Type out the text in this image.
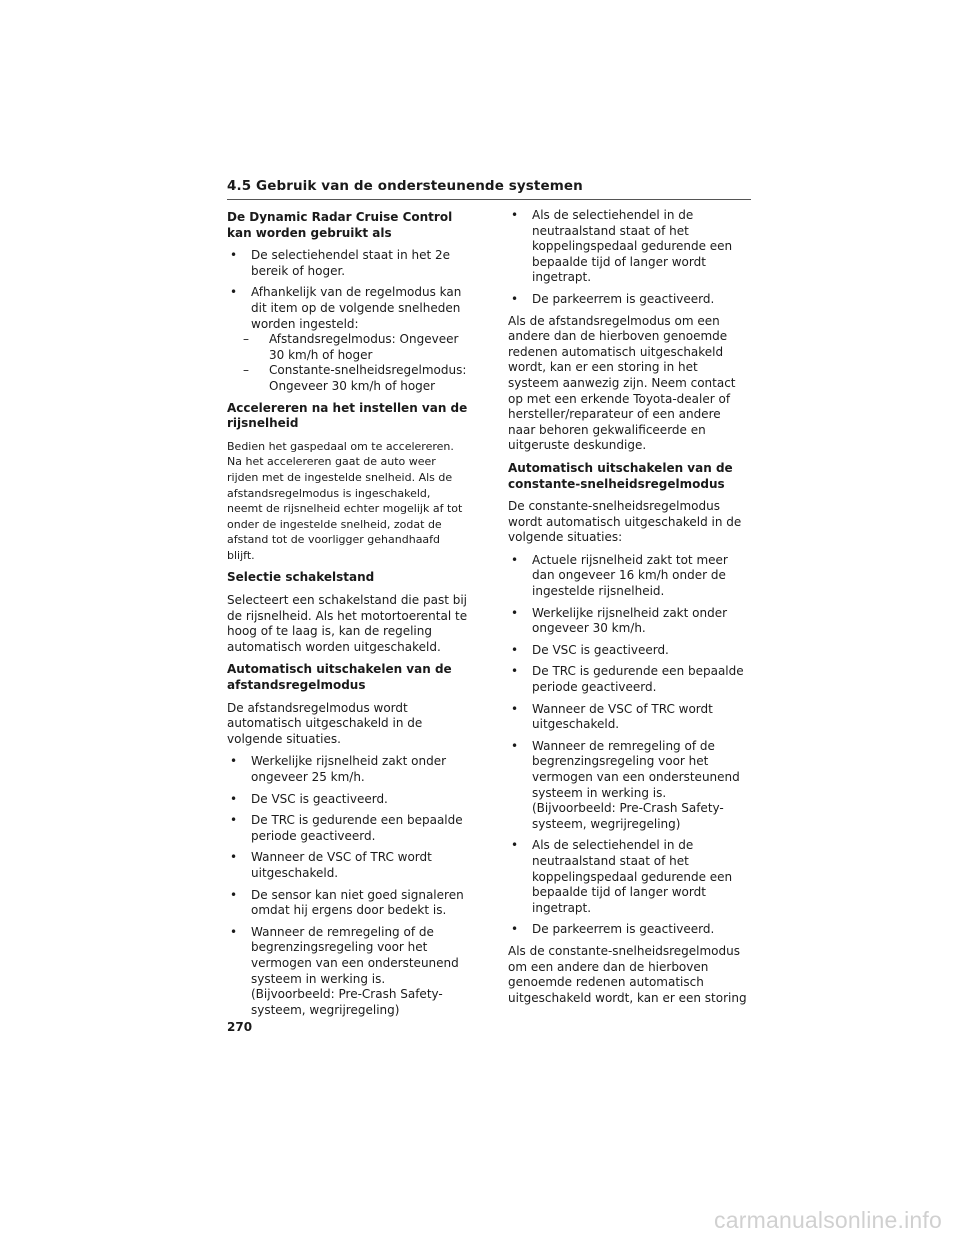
4.5 Gebruik van de ondersteunende systemen
De Dynamic Radar Cruise Control kan worden gebruikt als
• De selectiehendel staat in het 2e bereik of hoger.
• Afhankelijk van de regelmodus kan dit item op de volgende snelheden worden ingesteld:
– Afstandsregelmodus: Ongeveer 30 km/h of hoger
– Constante-snelheidsregelmodus: Ongeveer 30 km/h of hoger
Accelereren na het instellen van de rijsnelheid

Bedien het gaspedaal om te accelereren. Na het accelereren gaat de auto weer rijden met de ingestelde snelheid. Als de afstandsregelmodus is ingeschakeld, neemt de rijsnelheid echter mogelijk af tot onder de ingestelde snelheid, zodat de afstand tot de voorligger gehandhaafd blijft.

Selectie schakelstand

Selecteert een schakelstand die past bij de rijsnelheid. Als het motortoerental te hoog of te laag is, kan de regeling automatisch worden uitgeschakeld.

Automatisch uitschakelen van de afstandsregelmodus

De afstandsregelmodus wordt automatisch uitgeschakeld in de volgende situaties.

• Werkelijke rijsnelheid zakt onder ongeveer 25 km/h.
• De VSC is geactiveerd.
• De TRC is gedurende een bepaalde periode geactiveerd.
• Wanneer de VSC of TRC wordt uitgeschakeld.
• De sensor kan niet goed signaleren omdat hij ergens door bedekt is.
• Wanneer de remregeling of de begrenzingsregeling voor het vermogen van een ondersteunend systeem in werking is. (Bijvoorbeeld: Pre-Crash Safety-systeem, wegrijregeling)
• Als de selectiehendel in de neutraalstand staat of het koppelingspedaal gedurende een bepaalde tijd of langer wordt ingetrapt.
• De parkeerrem is geactiveerd.

Als de afstandsregelmodus om een andere dan de hierboven genoemde redenen automatisch uitgeschakeld wordt, kan er een storing in het systeem aanwezig zijn. Neem contact op met een erkende Toyota-dealer of hersteller/reparateur of een andere naar behoren gekwalificeerde en uitgeruste deskundige.

Automatisch uitschakelen van de constante-snelheidsregelmodus

De constante-snelheidsregelmodus wordt automatisch uitgeschakeld in de volgende situaties:

• Actuele rijsnelheid zakt tot meer dan ongeveer 16 km/h onder de ingestelde rijsnelheid.
• Werkelijke rijsnelheid zakt onder ongeveer 30 km/h.
• De VSC is geactiveerd.
• De TRC is gedurende een bepaalde periode geactiveerd.
• Wanneer de VSC of TRC wordt uitgeschakeld.
• Wanneer de remregeling of de begrenzingsregeling voor het vermogen van een ondersteunend systeem in werking is. (Bijvoorbeeld: Pre-Crash Safety-systeem, wegrijregeling)
• Als de selectiehendel in de neutraalstand staat of het koppelingspedaal gedurende een bepaalde tijd of langer wordt ingetrapt.
• De parkeerrem is geactiveerd.

Als de constante-snelheidsregelmodus om een andere dan de hierboven genoemde redenen automatisch uitgeschakeld wordt, kan er een storing

270
carmanualsonline.info
